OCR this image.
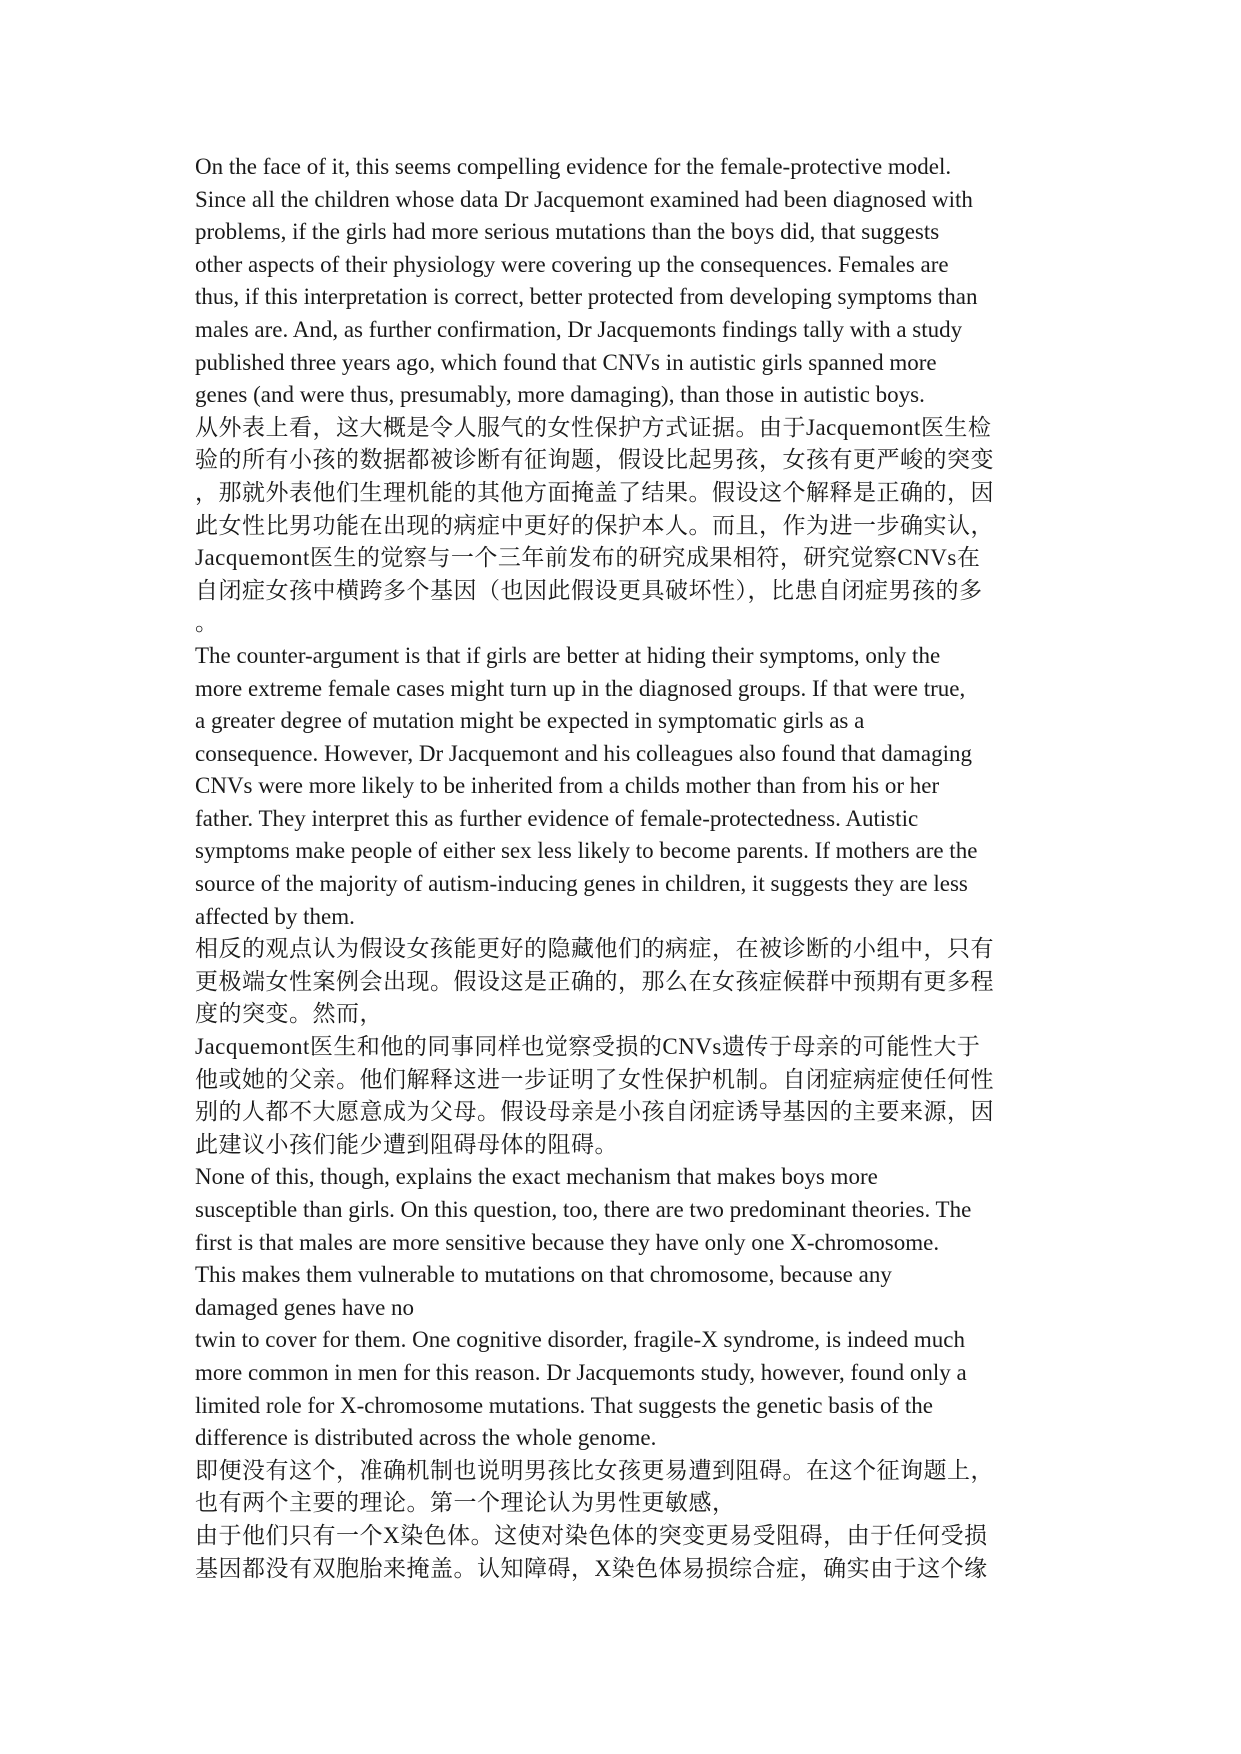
On the face of it, this seems compelling evidence for the female-protective model.
Since all the children whose data Dr Jacquemont examined had been diagnosed with
problems, if the girls had more serious mutations than the boys did, that suggests
other aspects of their physiology were covering up the consequences. Females are
thus, if this interpretation is correct, better protected from developing symptoms than
males are. And, as further confirmation, Dr Jacquemonts findings tally with a study
published three years ago, which found that CNVs in autistic girls spanned more
genes (and were thus, presumably, more damaging), than those in autistic boys.
从外表上看，这大概是令人服气的女性保护方式证据。由于Jacquemont医生检
验的所有小孩的数据都被诊断有征询题，假设比起男孩，女孩有更严峻的突变
，那就外表他们生理机能的其他方面掩盖了结果。假设这个解释是正确的，因
此女性比男功能在出现的病症中更好的保护本人。而且，作为进一步确实认，
Jacquemont医生的觉察与一个三年前发布的研究成果相符，研究觉察CNVs在
自闭症女孩中横跨多个基因（也因此假设更具破坏性），比患自闭症男孩的多
。
The counter-argument is that if girls are better at hiding their symptoms, only the
more extreme female cases might turn up in the diagnosed groups. If that were true,
a greater degree of mutation might be expected in symptomatic girls as a
consequence. However, Dr Jacquemont and his colleagues also found that damaging
CNVs were more likely to be inherited from a childs mother than from his or her
father. They interpret this as further evidence of female-protectedness. Autistic
symptoms make people of either sex less likely to become parents. If mothers are the
source of the majority of autism-inducing genes in children, it suggests they are less
affected by them.
相反的观点认为假设女孩能更好的隐藏他们的病症，在被诊断的小组中，只有
更极端女性案例会出现。假设这是正确的，那么在女孩症候群中预期有更多程
度的突变。然而，
Jacquemont医生和他的同事同样也觉察受损的CNVs遗传于母亲的可能性大于
他或她的父亲。他们解释这进一步证明了女性保护机制。自闭症病症使任何性
别的人都不大愿意成为父母。假设母亲是小孩自闭症诱导基因的主要来源，因
此建议小孩们能少遭到阻碍母体的阻碍。
None of this, though, explains the exact mechanism that makes boys more
susceptible than girls. On this question, too, there are two predominant theories. The
first is that males are more sensitive because they have only one X-chromosome.
This makes them vulnerable to mutations on that chromosome, because any
damaged genes have no
twin to cover for them. One cognitive disorder, fragile-X syndrome, is indeed much
more common in men for this reason. Dr Jacquemonts study, however, found only a
limited role for X-chromosome mutations. That suggests the genetic basis of the
difference is distributed across the whole genome.
即便没有这个，准确机制也说明男孩比女孩更易遭到阻碍。在这个征询题上，
也有两个主要的理论。第一个理论认为男性更敏感，
由于他们只有一个X染色体。这使对染色体的突变更易受阻碍，由于任何受损
基因都没有双胞胎来掩盖。认知障碍，X染色体易损综合症，确实由于这个缘
